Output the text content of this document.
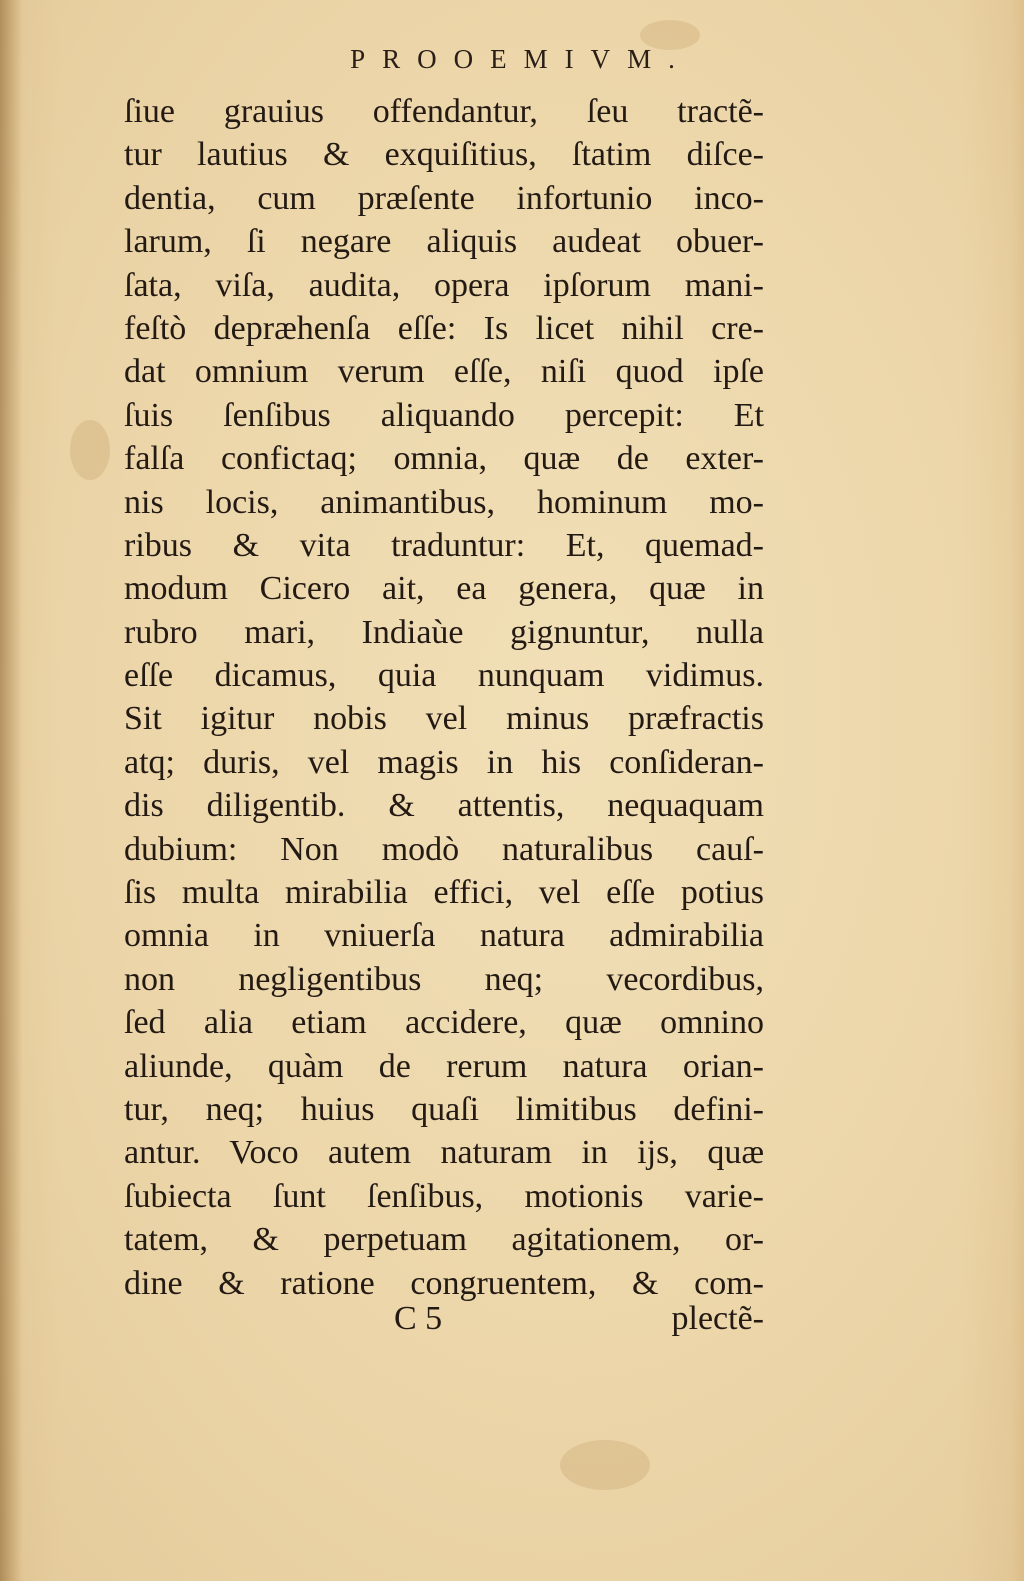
PROOEMIVM.
ſiue grauius offendantur, ſeu tractẽ-
tur lautius & exquiſitius, ſtatim diſce-
dentia, cum præſente infortunio inco-
larum, ſi negare aliquis audeat obuer-
ſata, viſa, audita, opera ipſorum mani-
feſtò depræhenſa eſſe: Is licet nihil cre-
dat omnium verum eſſe, niſi quod ipſe
ſuis ſenſibus aliquando percepit: Et
falſa confictaq; omnia, quæ de exter-
nis locis, animantibus, hominum mo-
ribus & vita traduntur: Et, quemad-
modum Cicero ait, ea genera, quæ in
rubro mari, Indiaùe gignuntur, nulla
eſſe dicamus, quia nunquam vidimus.
Sit igitur nobis vel minus præfractis
atq; duris, vel magis in his conſideran-
dis diligentib. & attentis, nequaquam
dubium: Non modò naturalibus cauſ-
ſis multa mirabilia effici, vel eſſe potius
omnia in vniuerſa natura admirabilia
non negligentibus neq; vecordibus,
ſed alia etiam accidere, quæ omnino
aliunde, quàm de rerum natura orian-
tur, neq; huius quaſi limitibus defini-
antur. Voco autem naturam in ijs, quæ
ſubiecta ſunt ſenſibus, motionis varie-
tatem, & perpetuam agitationem, or-
dine & ratione congruentem, & com-
C 5	plectẽ-
